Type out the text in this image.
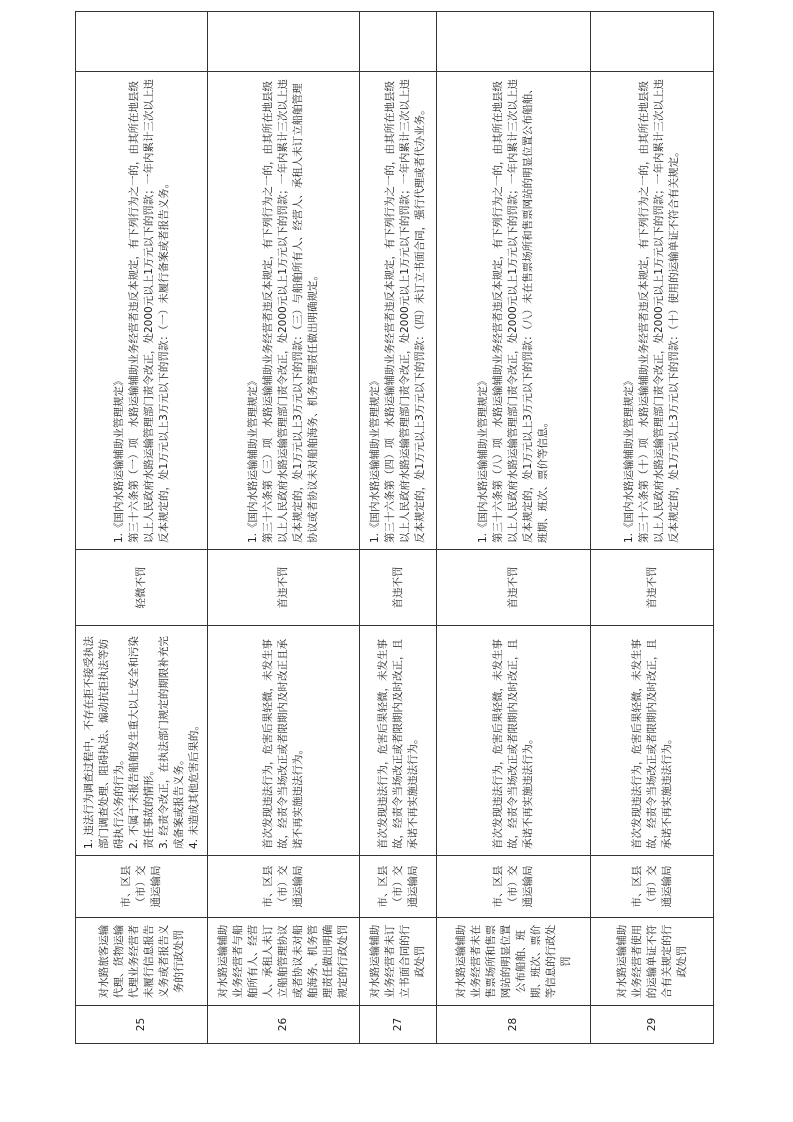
25	对水路旅客运输代理、货物运输代理业务经营者未履行信息报告义务或者报告义务的行政处罚	市、区县（市）交通运输局	1. 违法行为调查过程中，不存在拒不接受执法部门调查处理、阻碍执法、煽动抗拒执法等妨碍执行公务的行为。 2. 不属于未报告船舶发生重大以上安全和污染责任事故的情形。 3. 经责令改正，在执法部门规定的期限补充完成备案或报告义务。 4. 未造成其他危害后果的。	轻微不罚	1.《国内水路运输辅助业管理规定》 第三十六条第（一）项　水路运输辅助业务经营者违反本规定，有下列行为之一的，由其所在地县级以上人民政府水路运输管理部门责令改正，处2000元以上1万元以下的罚款；一年内累计三次以上违反本规定的，处1万元以上3万元以下的罚款：（一）未履行备案或者报告义务。	

26	对水路运输辅助业务经营者与船舶所有人、经营人、承租人未订立船舶管理协议或者协议未对船舶海务、机务管理责任做出明确规定的行政处罚	市、区县（市）交通运输局	首次发现违法行为，危害后果轻微，未发生事故，经责令当场改正或者限期内及时改正且承诺不再实施违法行为。	首违不罚	1.《国内水路运输辅助业管理规定》 第三十六条第（三）项　水路运输辅助业务经营者违反本规定，有下列行为之一的，由其所在地县级以上人民政府水路运输管理部门责令改正，处2000元以上1万元以下的罚款；一年内累计三次以上违反本规定的，处1万元以上3万元以下的罚款：（三）与船舶所有人、经营人、承租人未订立船舶管理协议或者协议未对船舶海务、机务管理责任做出明确规定。	

27	对水路运输辅助业务经营者未订立书面合同的行政处罚	市、区县（市）交通运输局	首次发现违法行为，危害后果轻微，未发生事故，经责令当场改正或者限期内及时改正，且承诺不再实施违法行为。	首违不罚	1.《国内水路运输辅助业管理规定》 第三十六条第（四）项　水路运输辅助业务经营者违反本规定，有下列行为之一的，由其所在地县级以上人民政府水路运输管理部门责令改正，处2000元以上1万元以下的罚款；一年内累计三次以上违反本规定的，处1万元以上3万元以下的罚款：（四）未订立书面合同，强行代理或者代办业务。	

28	对水路运输辅助业务经营者未在售票场所和售票网站的明显位置公布船舶、班期、班次、票价等信息的行政处罚	市、区县（市）交通运输局	首次发现违法行为，危害后果轻微，未发生事故，经责令当场改正或者限期内及时改正，且承诺不再实施违法行为。	首违不罚	1.《国内水路运输辅助业管理规定》 第三十六条第（八）项　水路运输辅助业务经营者违反本规定，有下列行为之一的，由其所在地县级以上人民政府水路运输管理部门责令改正，处2000元以上1万元以下的罚款；一年内累计三次以上违反本规定的，处1万元以上3万元以下的罚款：（八）未在售票场所和售票网站的明显位置公布船舶、班期、班次、票价等信息。	

29	对水路运输辅助业务经营者使用的运输单证不符合有关规定的行政处罚	市、区县（市）交通运输局	首次发现违法行为，危害后果轻微，未发生事故，经责令当场改正或者限期内及时改正，且承诺不再实施违法行为。	首违不罚	1.《国内水路运输辅助业管理规定》 第三十六条第（十）项　水路运输辅助业务经营者违反本规定，有下列行为之一的，由其所在地县级以上人民政府水路运输管理部门责令改正，处2000元以上1万元以下的罚款；一年内累计三次以上违反本规定的，处1万元以上3万元以下的罚款：（十）使用的运输单证不符合有关规定。	
